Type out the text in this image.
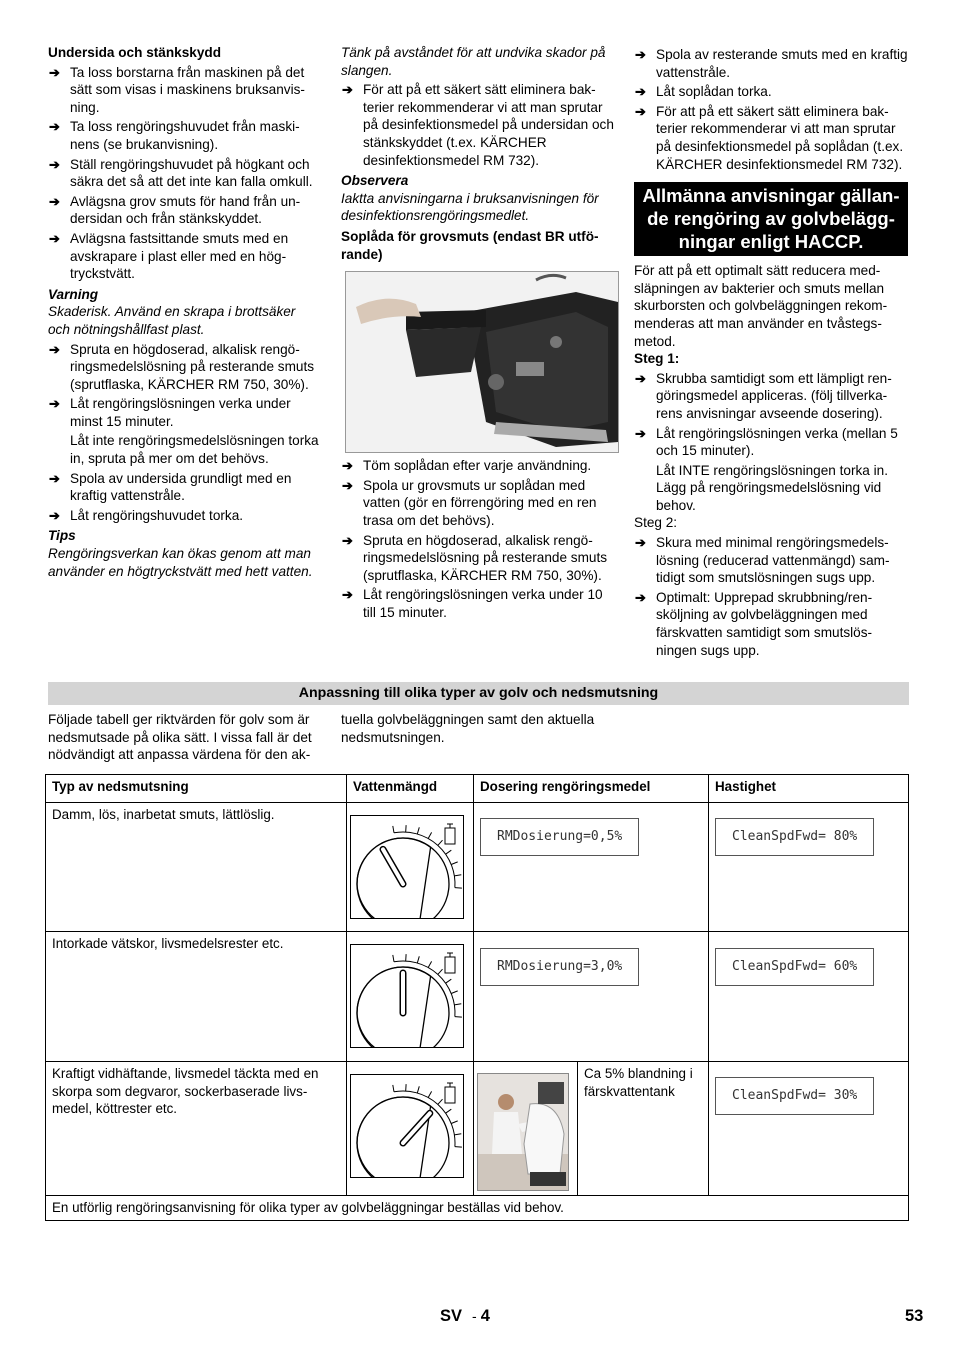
Undersida och stänkskydd

➔ Ta loss borstarna från maskinen på det sätt som visas i maskinens bruksanvis-ning.
➔ Ta loss rengöringshuvudet från maski-nens (se brukanvisning).
➔ Ställ rengöringshuvudet på högkant och säkra det så att det inte kan falla omkull.
➔ Avlägsna grov smuts för hand från un-dersidan och från stänkskyddet.
➔ Avlägsna fastsittande smuts med en avskrapare i plast eller med en hög-tryckstvätt.

Varning

Skaderisk. Använd en skrapa i brottsäker och nötningshållfast plast.

➔ Spruta en högdoserad, alkalisk rengö-ringsmedelslösning på resterande smuts (sprutflaska, KÄRCHER RM 750, 30%).
➔ Låt rengöringslösningen verka under minst 15 minuter.

Låt inte rengöringsmedelslösningen torka in, spruta på mer om det behövs.

➔ Spola av undersida grundligt med en kraftig vattenstråle.
➔ Låt rengöringshuvudet torka.

Tips

Rengöringsverkan kan ökas genom att man använder en högtryckstvätt med hett vatten.

Tänk på avståndet för att undvika skador på slangen.

➔ För att på ett säkert sätt eliminera bak-terier rekommenderar vi att man sprutar på desinfektionsmedel på undersidan och stänkskyddet (t.ex. KÄRCHER desinfektionsmedel RM 732).

Observera

Iaktta anvisningarna i bruksanvisningen för desinfektionsrengöringsmedlet.

Soplåda för grovsmuts (endast BR utfö-rande)

➔ Töm soplådan efter varje användning.
➔ Spola ur grovsmuts ur soplådan med vatten (gör en förrengöring med en ren trasa om det behövs).
➔ Spruta en högdoserad, alkalisk rengö-ringsmedelslösning på resterande smuts (sprutflaska, KÄRCHER RM 750, 30%).
➔ Låt rengöringslösningen verka under 10 till 15 minuter.
➔ Spola av resterande smuts med en kraftig vattenstråle.
➔ Låt soplådan torka.
➔ För att på ett säkert sätt eliminera bak-terier rekommenderar vi att man sprutar på desinfektionsmedel på soplådan (t.ex. KÄRCHER desinfektionsmedel RM 732).
Allmänna anvisningar gällan-de rengöring av golvbelägg-ningar enligt HACCP.

För att på ett optimalt sätt reducera med-släpningen av bakterier och smuts mellan skurborsten och golvbeläggningen rekom-menderas att man använder en tvåstegs-metod.

Steg 1:

➔ Skrubba samtidigt som ett lämpligt ren-göringsmedel appliceras. (följ tillverka-rens anvisningar avseende dosering).
➔ Låt rengöringslösningen verka (mellan 5 och 15 minuter).

Låt INTE rengöringslösningen torka in. Lägg på rengöringsmedelslösning vid behov.

Steg 2:

➔ Skura med minimal rengöringsmedels-lösning (reducerad vattenmängd) sam-tidigt som smutslösningen sugs upp.
➔ Optimalt: Upprepad skrubbning/ren-sköljning av golvbeläggningen med färskvatten samtidigt som smutslös-ningen sugs upp.
Anpassning till olika typer av golv och nedsmutsning

Följade tabell ger riktvärden för golv som är nedsmutsade på olika sätt. I vissa fall är det nödvändigt att anpassa värdena för den ak-

tuella golvbeläggningen samt den aktuella nedsmutsningen.

Typ av nedsmutsning	Vattenmängd	Dosering rengöringsmedel		Hastighet
Damm, lös, inarbetat smuts, lättlöslig.		RMDosierung=0,5%		CleanSpdFwd= 80%

Intorkade vätskor, livsmedelsrester etc.		RMDosierung=3,0%		CleanSpdFwd= 60%

Kraftigt vidhäftande, livsmedel täckta med en skorpa som degvaror, sockerbaserade livs-medel, köttrester etc.			Ca 5% blandning i färskvattentank	CleanSpdFwd= 30%

En utförlig rengöringsanvisning för olika typer av golvbeläggningar beställas vid behov.				
SV - 4	53
